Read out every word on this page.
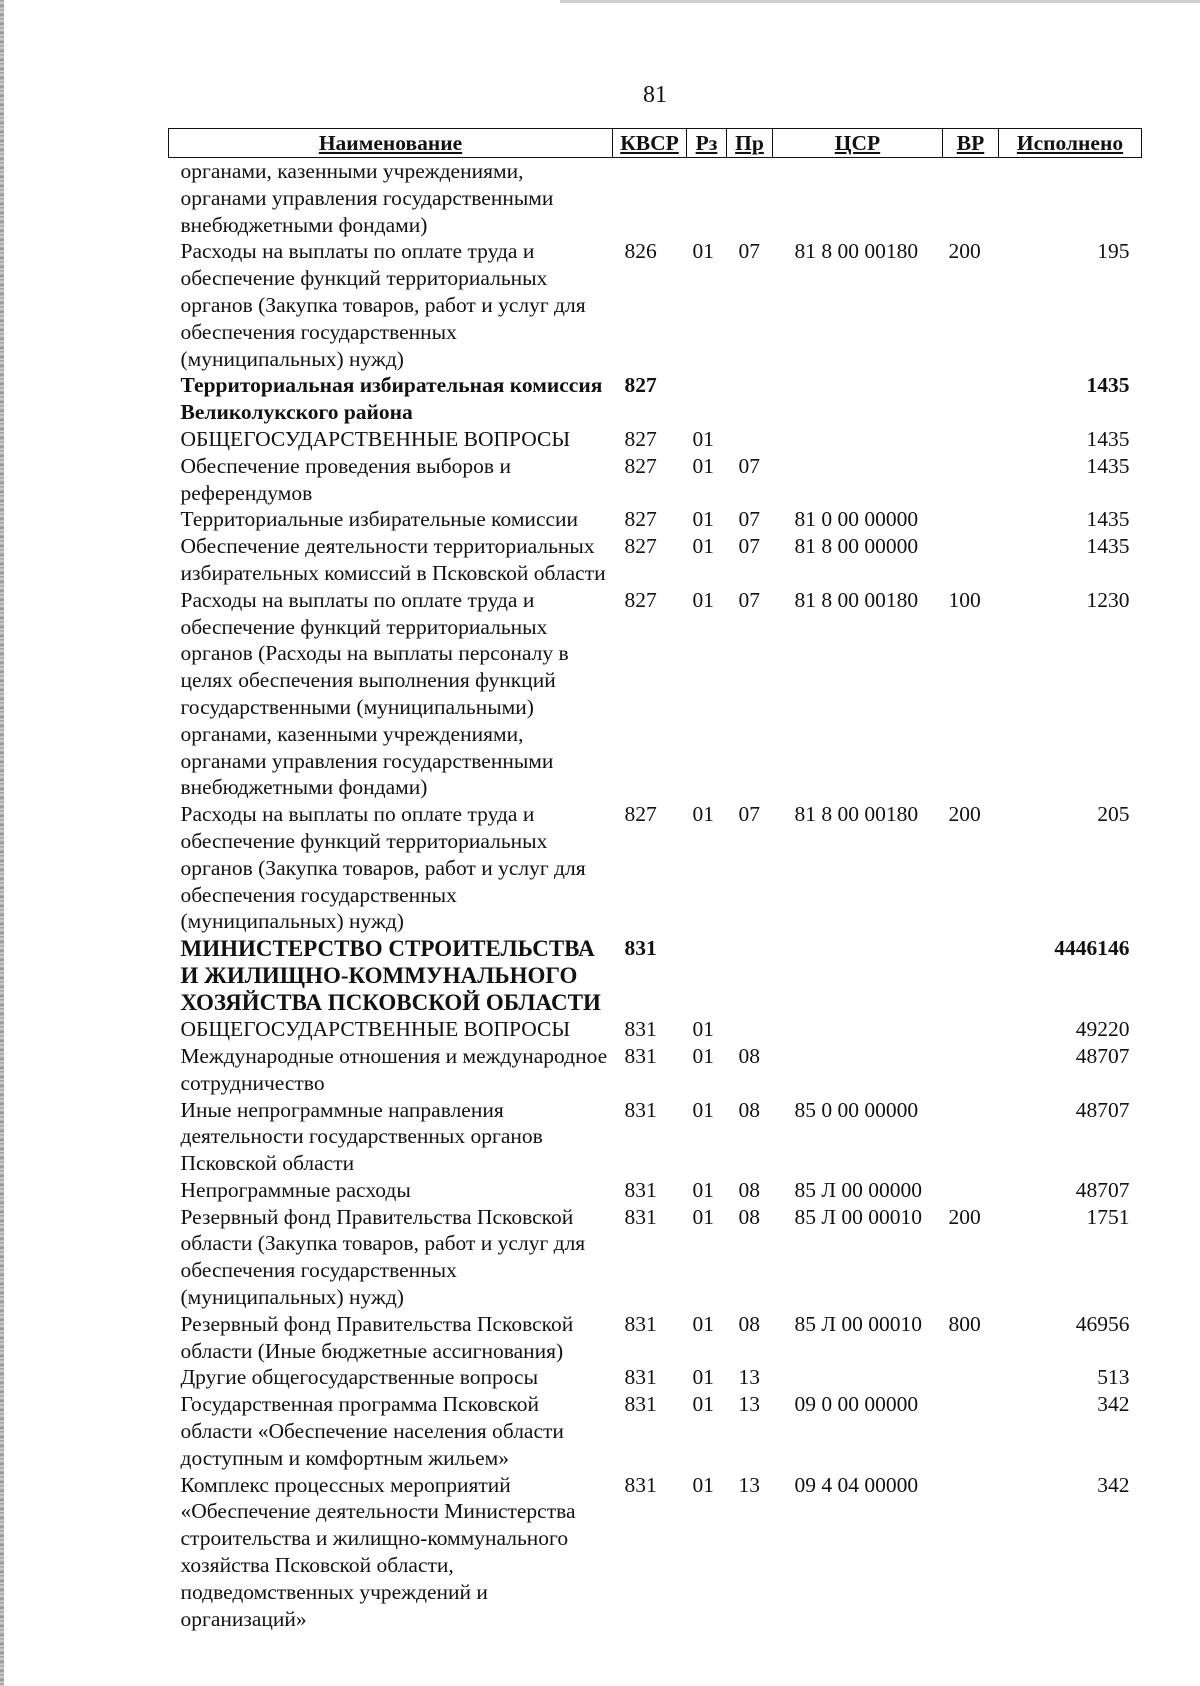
81
Наименование	КВСР	Рз	Пр	ЦСР	ВР	Исполнено
органами, казенными учреждениями, органами управления государственными внебюджетными фондами)						
Расходы на выплаты по оплате труда и обеспечение функций территориальных органов (Закупка товаров, работ и услуг для обеспечения государственных (муниципальных) нужд)	826	01	07	81 8 00 00180	200	195
Территориальная избирательная комиссия Великолукского района	827					1435
ОБЩЕГОСУДАРСТВЕННЫЕ ВОПРОСЫ	827	01				1435
Обеспечение проведения выборов и референдумов	827	01	07			1435
Территориальные избирательные комиссии	827	01	07	81 0 00 00000		1435
Обеспечение деятельности территориальных избирательных комиссий в Псковской области	827	01	07	81 8 00 00000		1435
Расходы на выплаты по оплате труда и обеспечение функций территориальных органов (Расходы на выплаты персоналу в целях обеспечения выполнения функций государственными (муниципальными) органами, казенными учреждениями, органами управления государственными внебюджетными фондами)	827	01	07	81 8 00 00180	100	1230
Расходы на выплаты по оплате труда и обеспечение функций территориальных органов (Закупка товаров, работ и услуг для обеспечения государственных (муниципальных) нужд)	827	01	07	81 8 00 00180	200	205
МИНИСТЕРСТВО СТРОИТЕЛЬСТВА И ЖИЛИЩНО-КОММУНАЛЬНОГО ХОЗЯЙСТВА ПСКОВСКОЙ ОБЛАСТИ	831					4446146
ОБЩЕГОСУДАРСТВЕННЫЕ ВОПРОСЫ	831	01				49220
Международные отношения и международное сотрудничество	831	01	08			48707
Иные непрограммные направления деятельности государственных органов Псковской области	831	01	08	85 0 00 00000		48707
Непрограммные расходы	831	01	08	85 Л 00 00000		48707
Резервный фонд Правительства Псковской области (Закупка товаров, работ и услуг для обеспечения государственных (муниципальных) нужд)	831	01	08	85 Л 00 00010	200	1751
Резервный фонд Правительства Псковской области (Иные бюджетные ассигнования)	831	01	08	85 Л 00 00010	800	46956
Другие общегосударственные вопросы	831	01	13			513
Государственная программа Псковской области «Обеспечение населения области доступным и комфортным жильем»	831	01	13	09 0 00 00000		342
Комплекс процессных мероприятий «Обеспечение деятельности Министерства строительства и жилищно-коммунального хозяйства Псковской области, подведомственных учреждений и организаций»	831	01	13	09 4 04 00000		342
